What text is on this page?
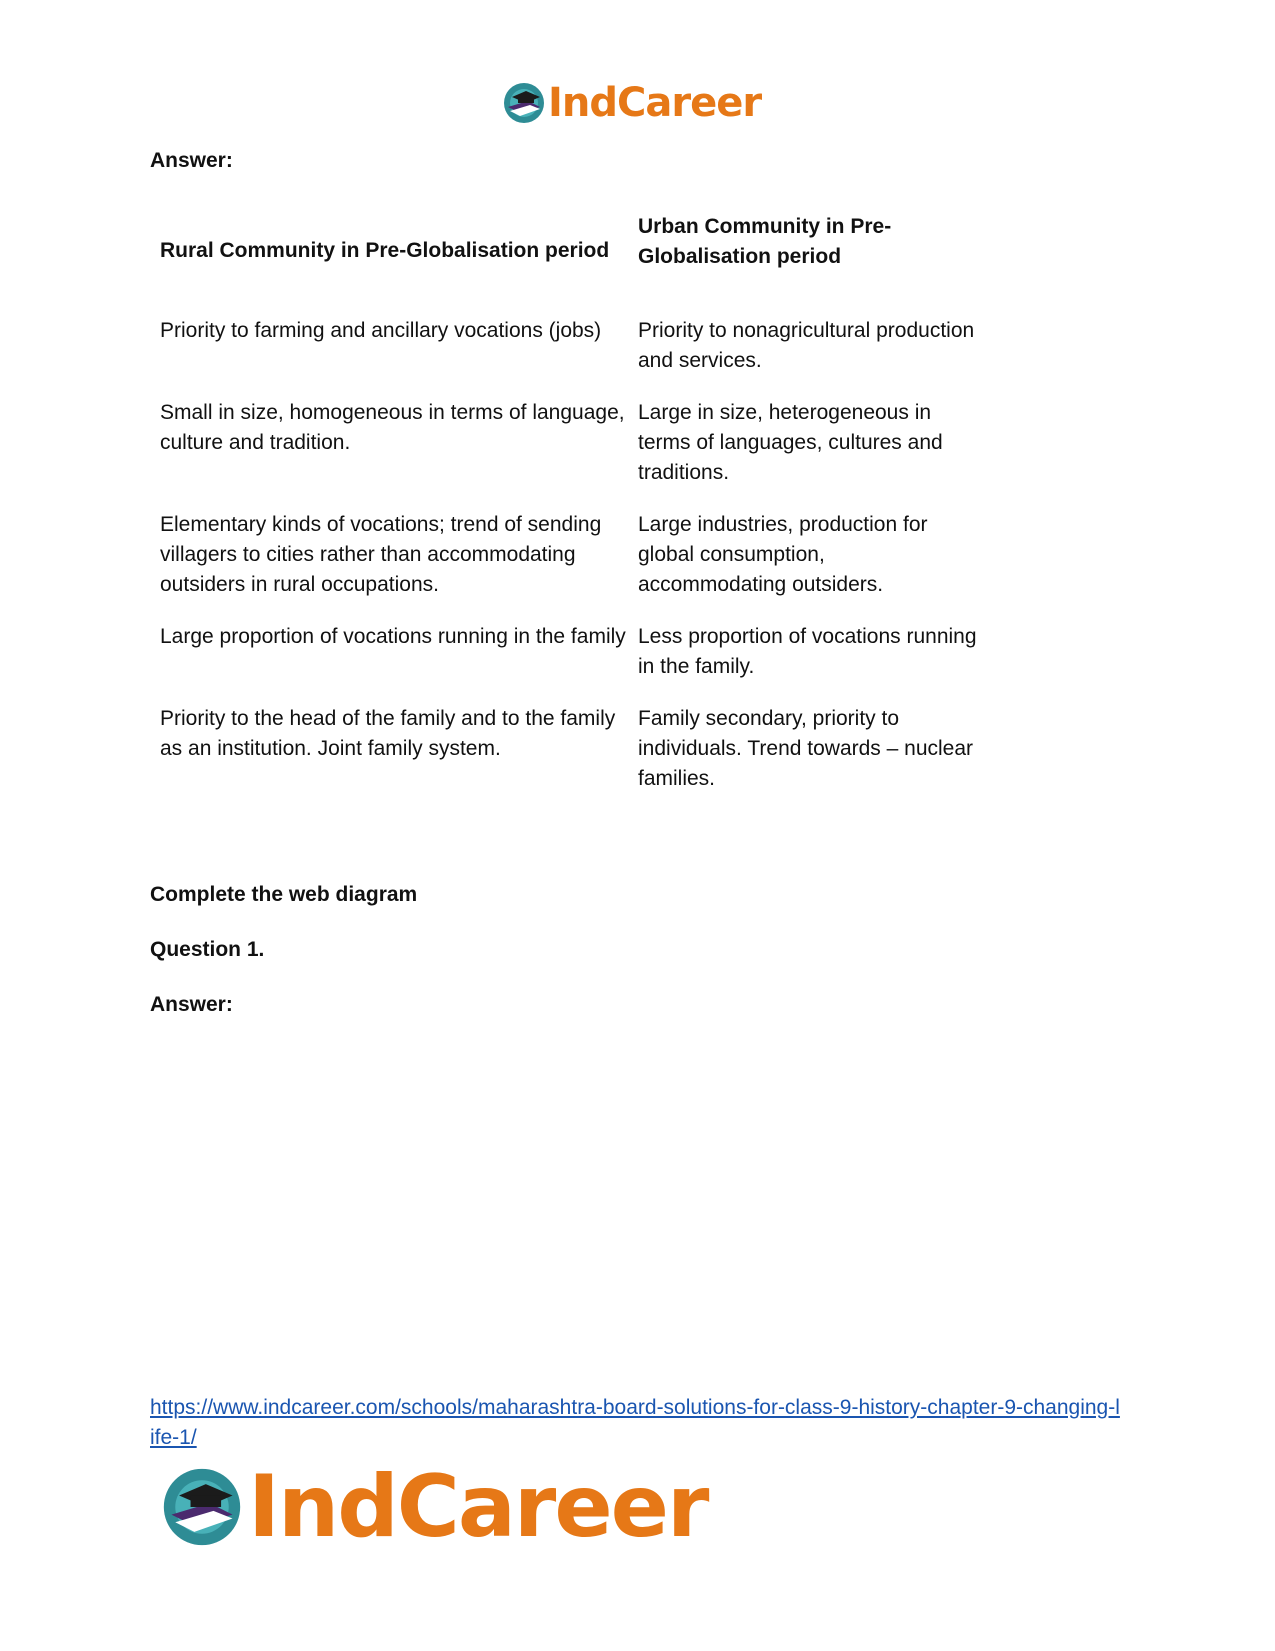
IndCareer
Answer:
Rural Community in Pre-Globalisation period
Urban Community in Pre-Globalisation period
Priority to farming and ancillary vocations (jobs)	Priority to nonagricultural production and services.
Small in size, homogeneous in terms of language, culture and tradition.
Large in size, heterogeneous in terms of languages, cultures and traditions.
Elementary kinds of vocations; trend of sending villagers to cities rather than accommodating outsiders in rural occupations.
Large industries, production for global consumption, accommodating outsiders.
Large proportion of vocations running in the family Less proportion of vocations running in the family.
Priority to the head of the family and to the family as an institution. Joint family system.
Family secondary, priority to individuals. Trend towards – nuclear families.
Complete the web diagram
Question 1.
Answer:
https://www.indcareer.com/schools/maharashtra-board-solutions-for-class-9-history-chapter-9-changing-life-1/
IndCareer
